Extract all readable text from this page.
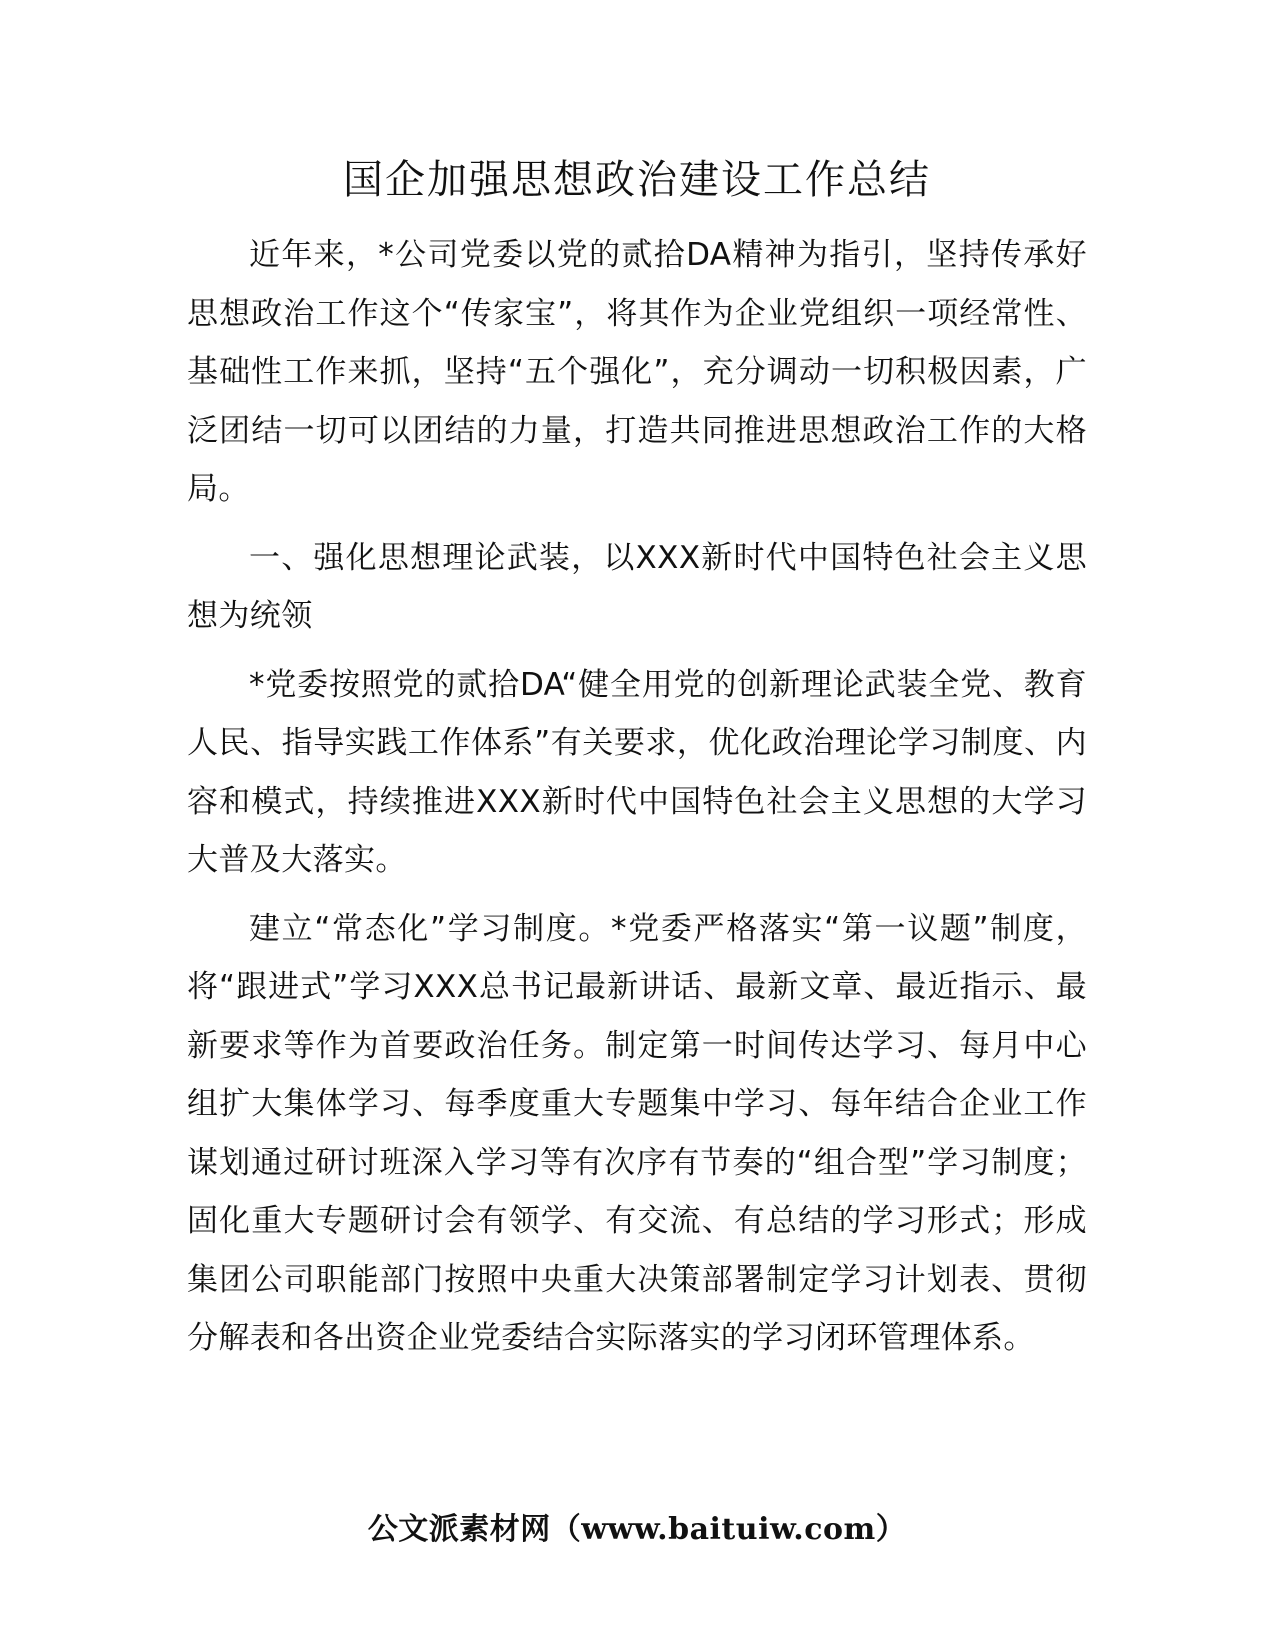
国企加强思想政治建设工作总结

近年来，*公司党委以党的贰拾DA精神为指引，坚持传承好思想政治工作这个“传家宝”，将其作为企业党组织一项经常性、基础性工作来抓，坚持“五个强化”，充分调动一切积极因素，广泛团结一切可以团结的力量，打造共同推进思想政治工作的大格局。

一、强化思想理论武装，以XXX新时代中国特色社会主义思想为统领

*党委按照党的贰拾DA“健全用党的创新理论武装全党、教育人民、指导实践工作体系”有关要求，优化政治理论学习制度、内容和模式，持续推进XXX新时代中国特色社会主义思想的大学习大普及大落实。

建立“常态化”学习制度。*党委严格落实“第一议题”制度，将“跟进式”学习XXX总书记最新讲话、最新文章、最近指示、最新要求等作为首要政治任务。制定第一时间传达学习、每月中心组扩大集体学习、每季度重大专题集中学习、每年结合企业工作谋划通过研讨班深入学习等有次序有节奏的“组合型”学习制度；固化重大专题研讨会有领学、有交流、有总结的学习形式；形成集团公司职能部门按照中央重大决策部署制定学习计划表、贯彻分解表和各出资企业党委结合实际落实的学习闭环管理体系。

公文派素材网（www.baituiw.com）
